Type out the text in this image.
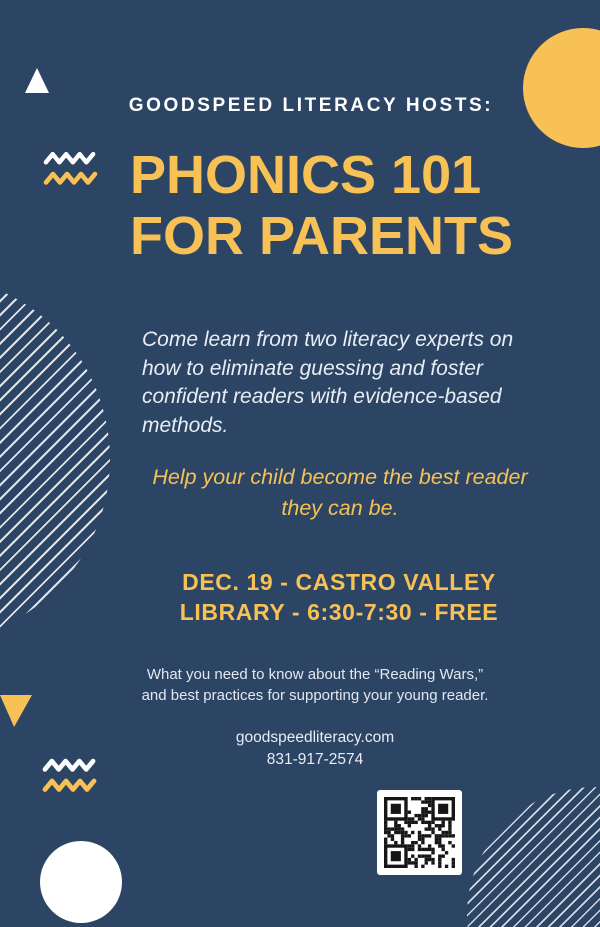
GOODSPEED LITERACY HOSTS:
PHONICS 101
FOR PARENTS
Come learn from two literacy experts on
how to eliminate guessing and foster
confident readers with evidence-based
methods.
Help your child become the best reader
they can be.
DEC. 19 - CASTRO VALLEY
LIBRARY - 6:30-7:30 - FREE
What you need to know about the “Reading Wars,”
and best practices for supporting your young reader.
goodspeedliteracy.com
831-917-2574
